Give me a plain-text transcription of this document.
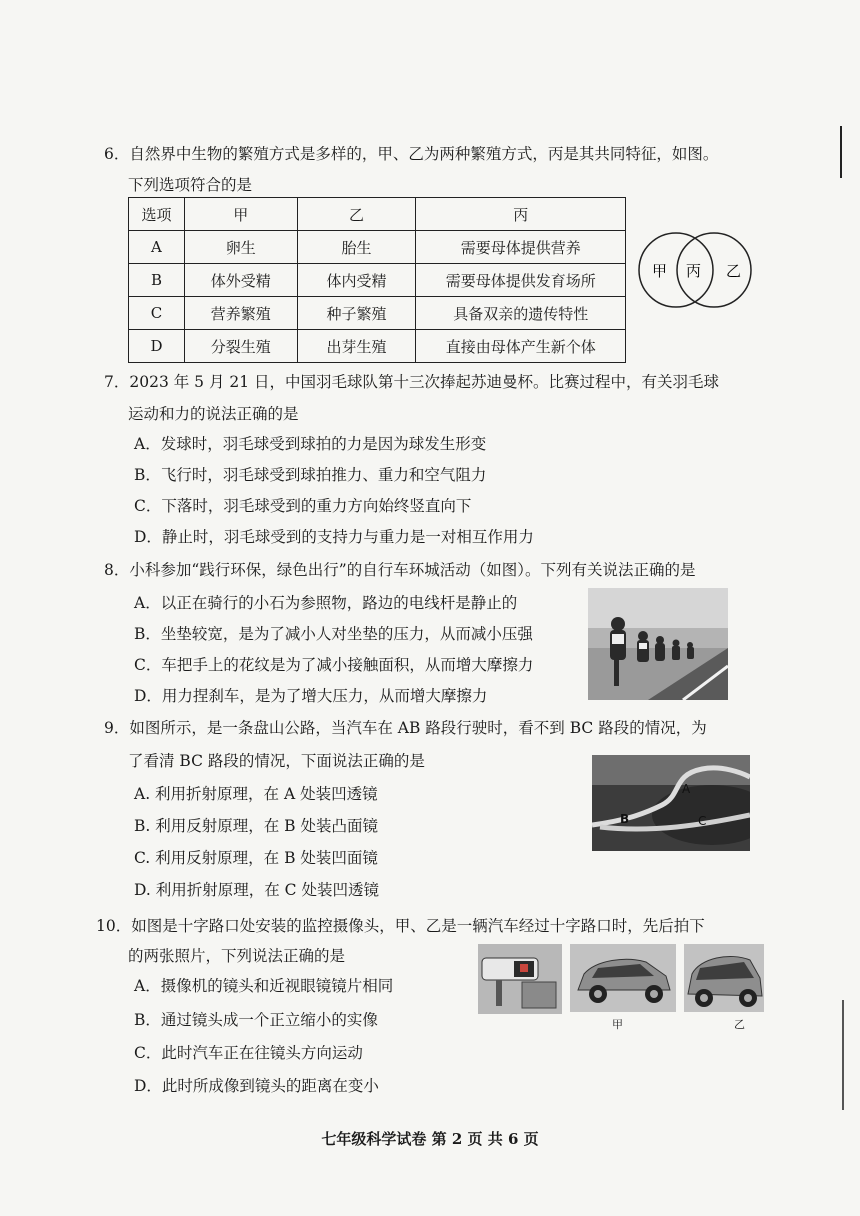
6．自然界中生物的繁殖方式是多样的，甲、乙为两种繁殖方式，丙是其共同特征，如图。
下列选项符合的是
选项	甲	乙	丙
A	卵生	胎生	需要母体提供营养
B	体外受精	体内受精	需要母体提供发育场所
C	营养繁殖	种子繁殖	具备双亲的遗传特性
D	分裂生殖	出芽生殖	直接由母体产生新个体
甲 丙 乙
7．2023 年 5 月 21 日，中国羽毛球队第十三次捧起苏迪曼杯。比赛过程中，有关羽毛球
运动和力的说法正确的是
A．发球时，羽毛球受到球拍的力是因为球发生形变
B．飞行时，羽毛球受到球拍推力、重力和空气阻力
C．下落时，羽毛球受到的重力方向始终竖直向下
D．静止时，羽毛球受到的支持力与重力是一对相互作用力
8．小科参加“践行环保，绿色出行”的自行车环城活动（如图）。下列有关说法正确的是
A．以正在骑行的小石为参照物，路边的电线杆是静止的
B．坐垫较宽，是为了减小人对坐垫的压力，从而减小压强
C．车把手上的花纹是为了减小接触面积，从而增大摩擦力
D．用力捏刹车，是为了增大压力，从而增大摩擦力
9．如图所示，是一条盘山公路，当汽车在 AB 路段行驶时，看不到 BC 路段的情况，为
了看清 BC 路段的情况，下面说法正确的是
A. 利用折射原理，在 A 处装凹透镜
B. 利用反射原理，在 B 处装凸面镜
C. 利用反射原理，在 B 处装凹面镜
D. 利用折射原理，在 C 处装凹透镜
A
B	C
10．如图是十字路口处安装的监控摄像头，甲、乙是一辆汽车经过十字路口时，先后拍下
的两张照片，下列说法正确的是
A．摄像机的镜头和近视眼镜镜片相同
B．通过镜头成一个正立缩小的实像
C．此时汽车正在往镜头方向运动
D．此时所成像到镜头的距离在变小
甲	乙
七年级科学试卷 第 2 页 共 6 页
